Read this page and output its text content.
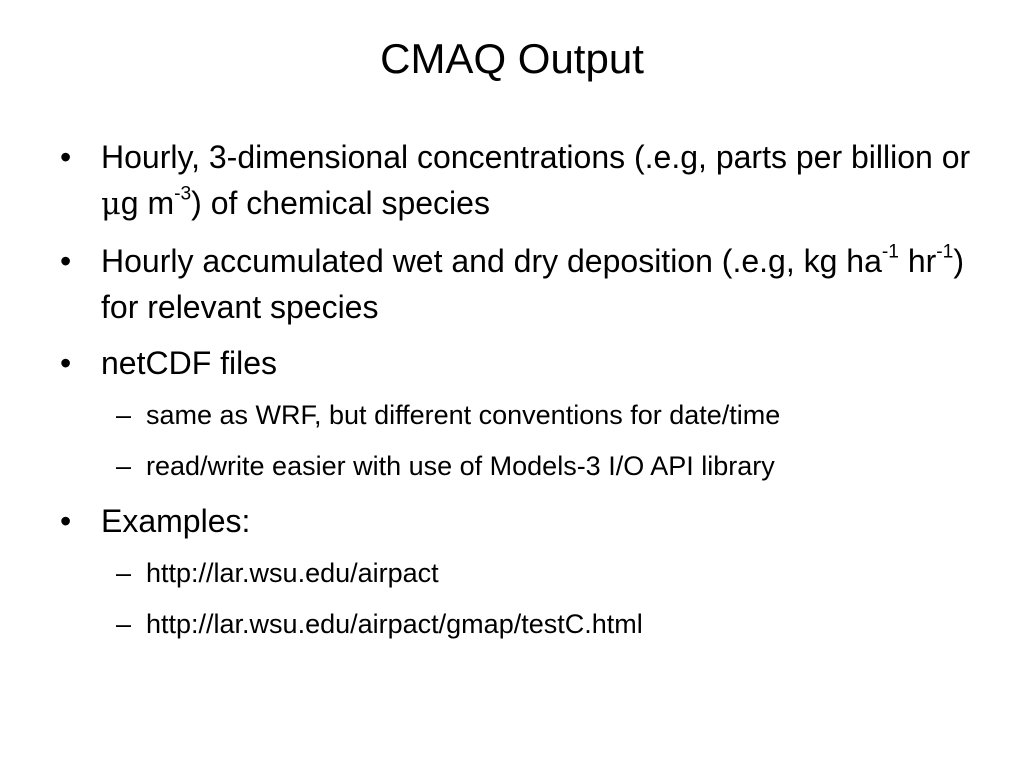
CMAQ Output
• Hourly, 3-dimensional concentrations (.e.g, parts per billion or μg $m^{-3}$) of chemical species
• Hourly accumulated wet and dry deposition (.e.g, kg $ha^{-1}$ $hr^{-1}$) for relevant species
• netCDF files
– same as WRF, but different conventions for date/time
– read/write easier with use of Models-3 I/O API library
• Examples:
– http://lar.wsu.edu/airpact
– http://lar.wsu.edu/airpact/gmap/testC.html
